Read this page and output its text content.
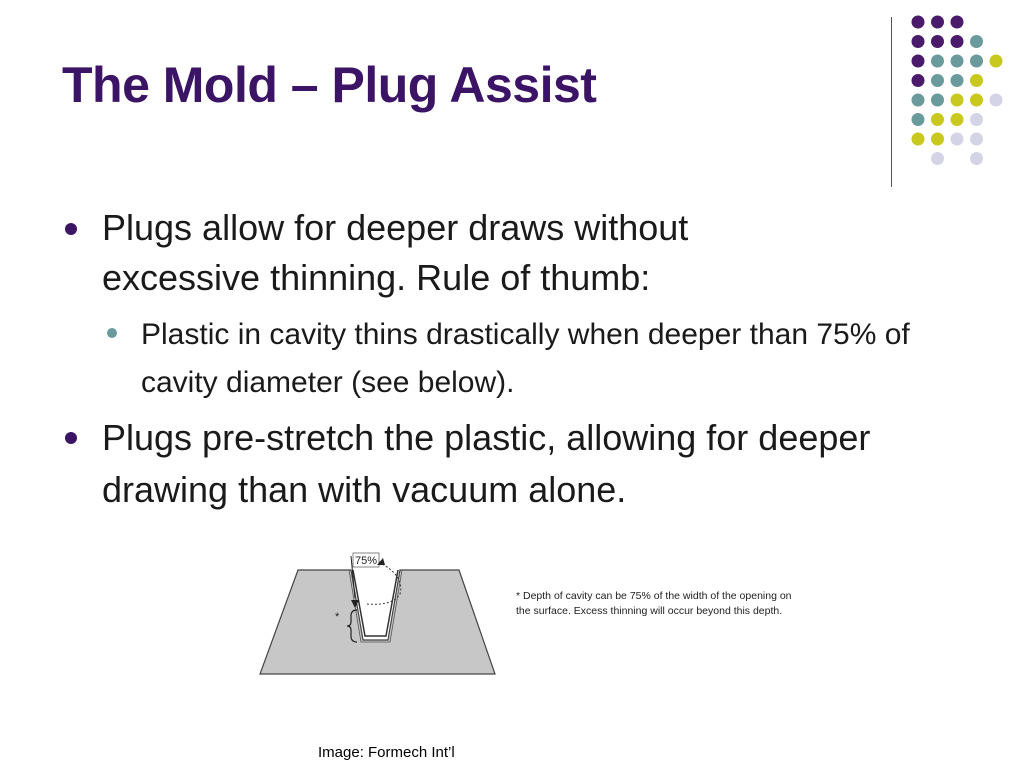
The Mold – Plug Assist
Plugs allow for deeper draws without excessive thinning. Rule of thumb:
Plastic in cavity thins drastically when deeper than 75% of cavity diameter (see below).
Plugs pre-stretch the plastic, allowing for deeper drawing than with vacuum alone.
75%
*
* Depth of cavity can be 75% of the width of the opening on the surface. Excess thinning will occur beyond this depth.
Image: Formech Int’l
